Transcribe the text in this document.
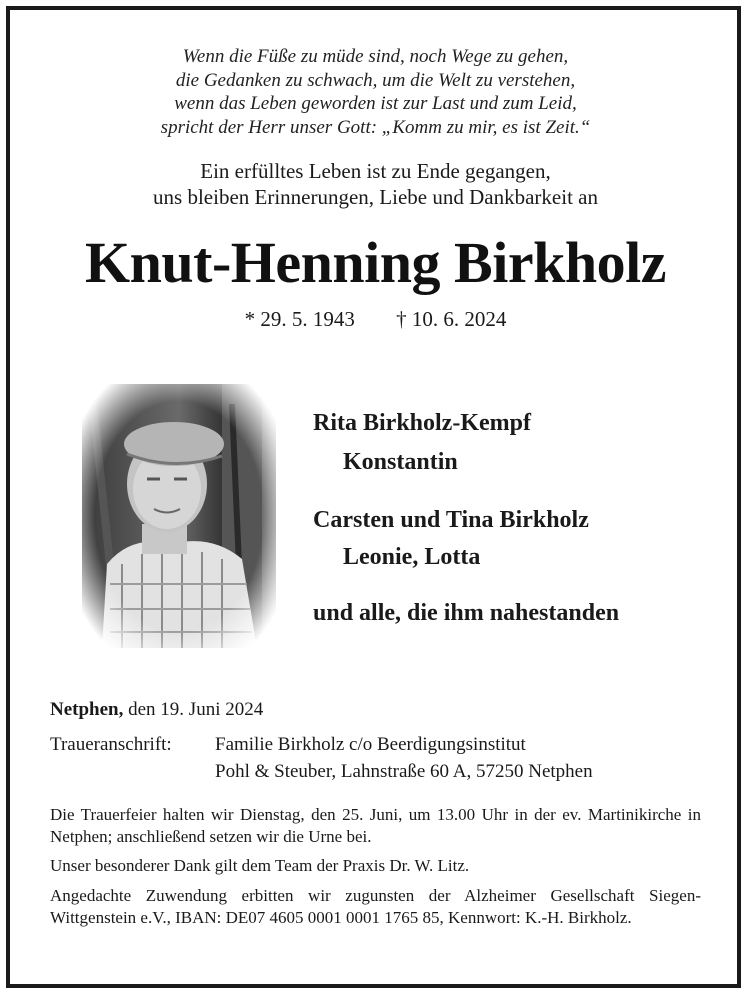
Wenn die Füße zu müde sind, noch Wege zu gehen,
die Gedanken zu schwach, um die Welt zu verstehen,
wenn das Leben geworden ist zur Last und zum Leid,
spricht der Herr unser Gott: „Komm zu mir, es ist Zeit.“
Ein erfülltes Leben ist zu Ende gegangen,
uns bleiben Erinnerungen, Liebe und Dankbarkeit an
Knut-Henning Birkholz
* 29. 5. 1943 † 10. 6. 2024
Rita Birkholz-Kempf
Konstantin
Carsten und Tina Birkholz
Leonie, Lotta
und alle, die ihm nahestanden
Netphen, den 19. Juni 2024
Traueranschrift: Familie Birkholz c/o Beerdigungsinstitut
Pohl & Steuber, Lahnstraße 60 A, 57250 Netphen
Die Trauerfeier halten wir Dienstag, den 25. Juni, um 13.00 Uhr in der ev. Martinikirche in Netphen; anschließend setzen wir die Urne bei.
Unser besonderer Dank gilt dem Team der Praxis Dr. W. Litz.
Angedachte Zuwendung erbitten wir zugunsten der Alzheimer Gesellschaft Siegen-Wittgenstein e.V., IBAN: DE07 4605 0001 0001 1765 85, Kennwort: K.-H. Birkholz.
